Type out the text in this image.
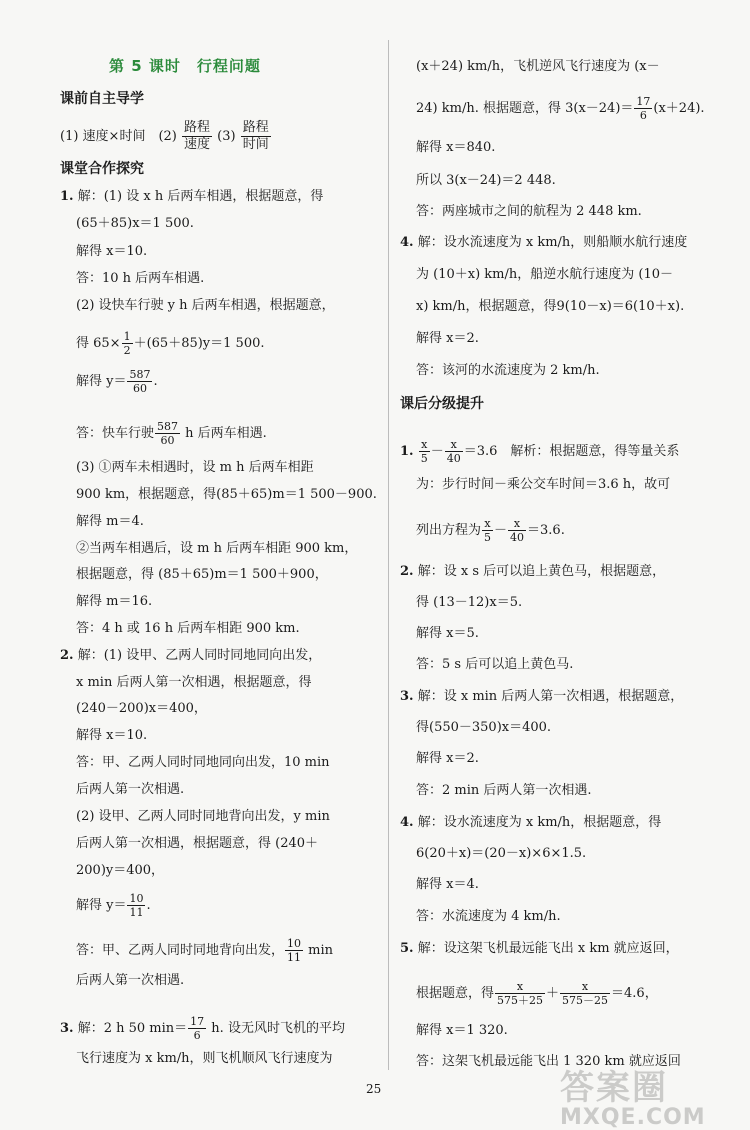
第 5 课时　行程问题
课前自主导学
(1) 速度×时间　$(2) \frac{\text{路程}}{\text{速度}} (3) \frac{\text{路程}}{\text{时间}}$
课堂合作探究
1. 解：(1) 设 x h 后两车相遇，根据题意，得
(65＋85)x＝1 500.
解得 x＝10.
答：10 h 后两车相遇.
(2) 设快车行驶 y h 后两车相遇，根据题意，
得 $65\times \frac{1}{2} +(65+85)y=1$ 500.
解得 $y= \frac{587}{60}$ .
答：快车行驶 $\frac{587}{60}$ h 后两车相遇.
(3) ①两车未相遇时，设 m h 后两车相距
900 km，根据题意，得(85＋65)m＝1 500－900.
解得 m＝4.
②当两车相遇后，设 m h 后两车相距 900 km，
根据题意，得 (85＋65)m＝1 500＋900，
解得 m＝16.
答：4 h 或 16 h 后两车相距 900 km.
2. 解：(1) 设甲、乙两人同时同地同向出发，
x min 后两人第一次相遇，根据题意，得
(240－200)x＝400，
解得 x＝10.
答：甲、乙两人同时同地同向出发，10 min
后两人第一次相遇.
(2) 设甲、乙两人同时同地背向出发，y min
后两人第一次相遇，根据题意，得 (240＋
200)y＝400，
解得 $y= \frac{10}{11}$ .
答：甲、乙两人同时同地背向出发， $\frac{10}{11}$ min
后两人第一次相遇.
3. 解：2 h 50 $\min= \frac{17}{6} h$. 设无风时飞机的平均
飞行速度为 x km/h，则飞机顺风飞行速度为
(x＋24) km/h，飞机逆风飞行速度为 (x－
24) km/h. 根据题意，得 $3(x-24)= \frac{17}{6} (x+24)$.
解得 x＝840.
所以 3(x－24)＝2 448.
答：两座城市之间的航程为 2 448 km.
4. 解：设水流速度为 x km/h，则船顺水航行速度
为 (10＋x) km/h，船逆水航行速度为 (10－
x) km/h，根据题意，得9(10－x)＝6(10＋x).
解得 x＝2.
答：该河的水流速度为 2 km/h.
课后分级提升
1. $\frac{x}{5} - \frac{x}{40} =3.6$　解析：根据题意，得等量关系
为：步行时间－乘公交车时间＝3.6 h，故可
列出方程为 $\frac{x}{5} - \frac{x}{40} =3.6$.
2. 解：设 x s 后可以追上黄色马，根据题意，
得 (13－12)x＝5.
解得 x＝5.
答：5 s 后可以追上黄色马.
3. 解：设 x min 后两人第一次相遇，根据题意，
得(550－350)x＝400.
解得 x＝2.
答：2 min 后两人第一次相遇.
4. 解：设水流速度为 x km/h，根据题意，得
6(20＋x)＝(20－x)×6×1.5.
解得 x＝4.
答：水流速度为 4 km/h.
5. 解：设这架飞机最远能飞出 x km 就应返回，
根据题意，得 $\frac{x}{575+25} + \frac{x}{575-25} =4.6$，
解得 x＝1 320.
答：这架飞机最远能飞出 1 320 km 就应返回
25	答案圈
MXQE.COM
